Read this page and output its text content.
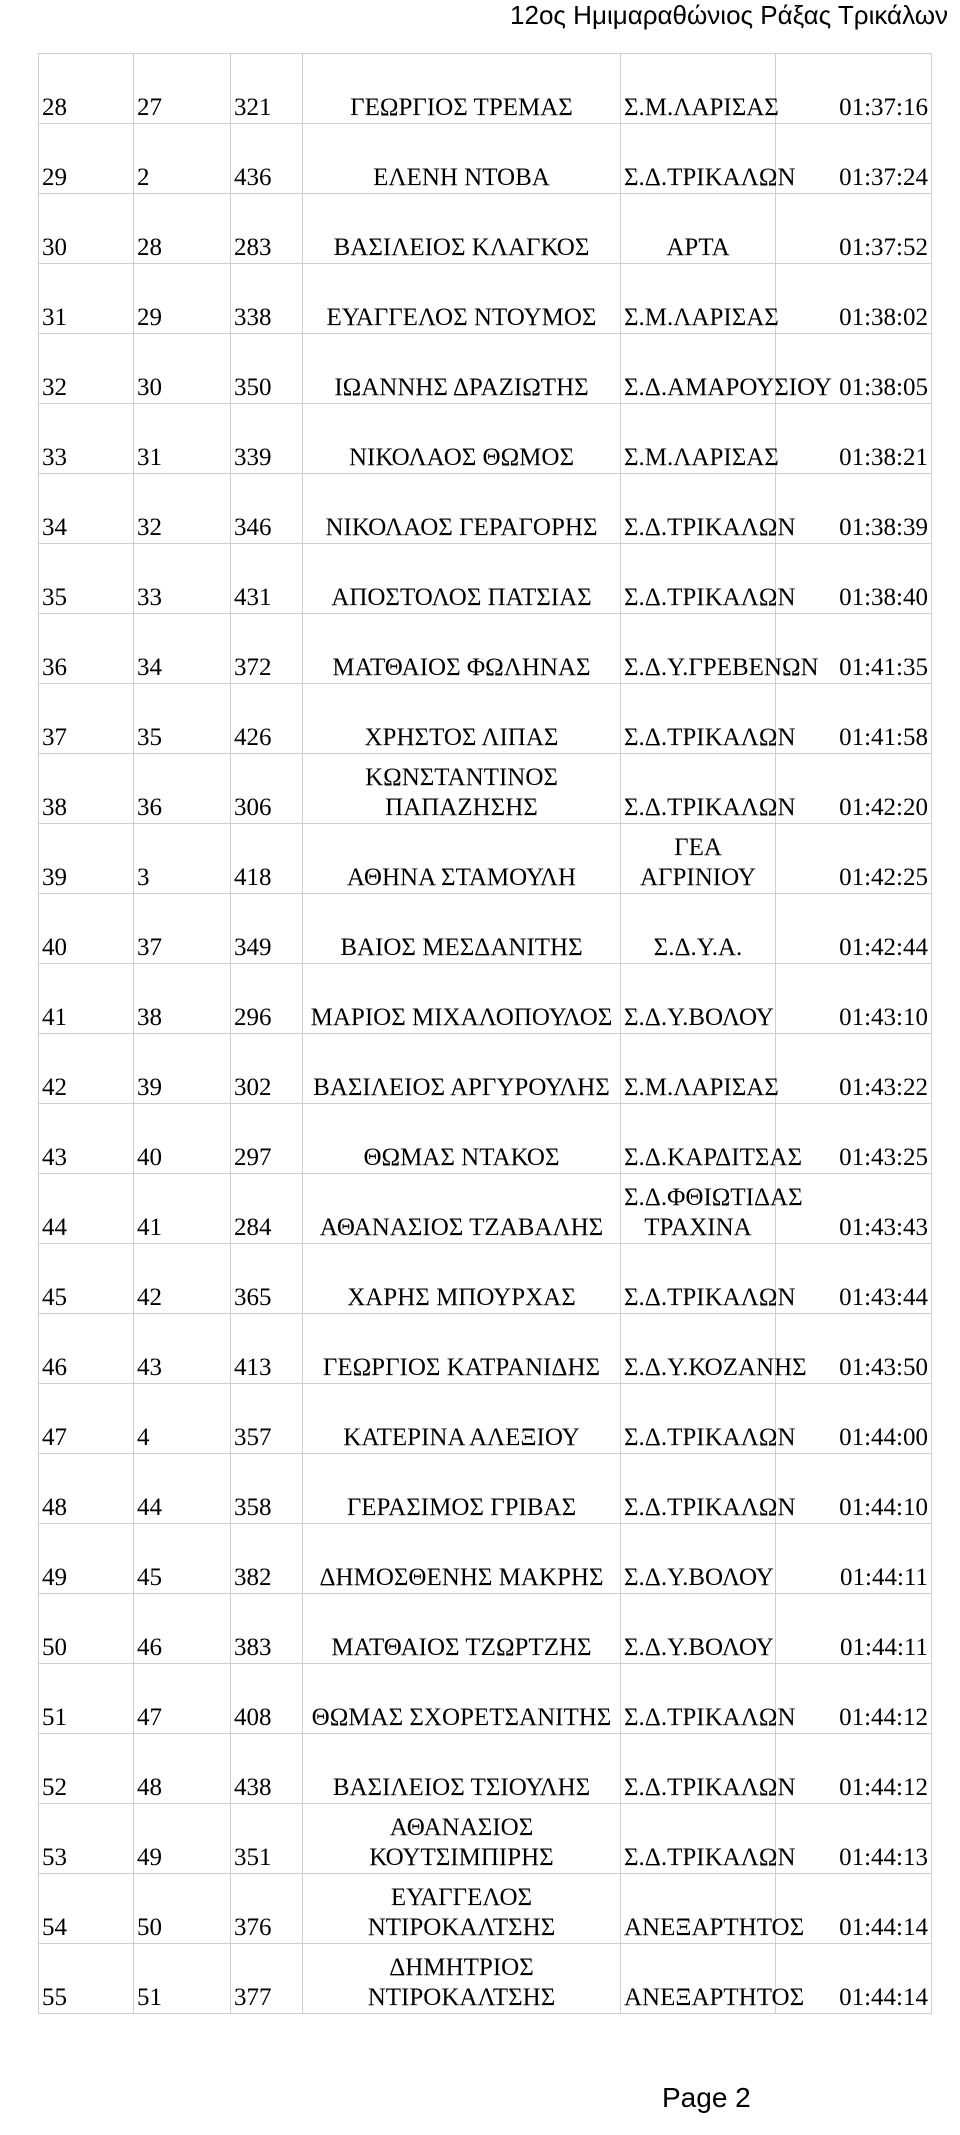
12ος Ημιμαραθώνιος Ράξας Τρικάλων
28	27	321	ΓΕΩΡΓΙΟΣ ΤΡΕΜΑΣ	Σ.Μ.ΛΑΡΙΣΑΣ	01:37:16
29	2	436	ΕΛΕΝΗ ΝΤΟΒΑ	Σ.Δ.ΤΡΙΚΑΛΩΝ	01:37:24
30	28	283	ΒΑΣΙΛΕΙΟΣ ΚΛΑΓΚΟΣ	ΑΡΤΑ	01:37:52
31	29	338	ΕΥΑΓΓΕΛΟΣ ΝΤΟΥΜΟΣ	Σ.Μ.ΛΑΡΙΣΑΣ	01:38:02
32	30	350	ΙΩΑΝΝΗΣ ΔΡΑΖΙΩΤΗΣ	Σ.Δ.ΑΜΑΡΟΥΣΙΟΥ	01:38:05
33	31	339	ΝΙΚΟΛΑΟΣ ΘΩΜΟΣ	Σ.Μ.ΛΑΡΙΣΑΣ	01:38:21
34	32	346	ΝΙΚΟΛΑΟΣ ΓΕΡΑΓΟΡΗΣ	Σ.Δ.ΤΡΙΚΑΛΩΝ	01:38:39
35	33	431	ΑΠΟΣΤΟΛΟΣ ΠΑΤΣΙΑΣ	Σ.Δ.ΤΡΙΚΑΛΩΝ	01:38:40
36	34	372	ΜΑΤΘΑΙΟΣ ΦΩΛΗΝΑΣ	Σ.Δ.Υ.ΓΡΕΒΕΝΩΝ	01:41:35
37	35	426	ΧΡΗΣΤΟΣ ΛΙΠΑΣ	Σ.Δ.ΤΡΙΚΑΛΩΝ	01:41:58
38	36	306	ΚΩΝΣΤΑΝΤΙΝΟΣ ΠΑΠΑΖΗΣΗΣ	Σ.Δ.ΤΡΙΚΑΛΩΝ	01:42:20
39	3	418	ΑΘΗΝΑ ΣΤΑΜΟΥΛΗ	ΓΕΑ ΑΓΡΙΝΙΟΥ	01:42:25
40	37	349	ΒΑΙΟΣ ΜΕΣΔΑΝΙΤΗΣ	Σ.Δ.Υ.Α.	01:42:44
41	38	296	ΜΑΡΙΟΣ ΜΙΧΑΛΟΠΟΥΛΟΣ	Σ.Δ.Υ.ΒΟΛΟΥ	01:43:10
42	39	302	ΒΑΣΙΛΕΙΟΣ ΑΡΓΥΡΟΥΛΗΣ	Σ.Μ.ΛΑΡΙΣΑΣ	01:43:22
43	40	297	ΘΩΜΑΣ ΝΤΑΚΟΣ	Σ.Δ.ΚΑΡΔΙΤΣΑΣ	01:43:25
44	41	284	ΑΘΑΝΑΣΙΟΣ ΤΖΑΒΑΛΗΣ	Σ.Δ.ΦΘΙΩΤΙΔΑΣ ΤΡΑΧΙΝΑ	01:43:43
45	42	365	ΧΑΡΗΣ ΜΠΟΥΡΧΑΣ	Σ.Δ.ΤΡΙΚΑΛΩΝ	01:43:44
46	43	413	ΓΕΩΡΓΙΟΣ ΚΑΤΡΑΝΙΔΗΣ	Σ.Δ.Υ.ΚΟΖΑΝΗΣ	01:43:50
47	4	357	ΚΑΤΕΡΙΝΑ ΑΛΕΞΙΟΥ	Σ.Δ.ΤΡΙΚΑΛΩΝ	01:44:00
48	44	358	ΓΕΡΑΣΙΜΟΣ ΓΡΙΒΑΣ	Σ.Δ.ΤΡΙΚΑΛΩΝ	01:44:10
49	45	382	ΔΗΜΟΣΘΕΝΗΣ ΜΑΚΡΗΣ	Σ.Δ.Υ.ΒΟΛΟΥ	01:44:11
50	46	383	ΜΑΤΘΑΙΟΣ ΤΖΩΡΤΖΗΣ	Σ.Δ.Υ.ΒΟΛΟΥ	01:44:11
51	47	408	ΘΩΜΑΣ ΣΧΟΡΕΤΣΑΝΙΤΗΣ	Σ.Δ.ΤΡΙΚΑΛΩΝ	01:44:12
52	48	438	ΒΑΣΙΛΕΙΟΣ ΤΣΙΟΥΛΗΣ	Σ.Δ.ΤΡΙΚΑΛΩΝ	01:44:12
53	49	351	ΑΘΑΝΑΣΙΟΣ ΚΟΥΤΣΙΜΠΙΡΗΣ	Σ.Δ.ΤΡΙΚΑΛΩΝ	01:44:13
54	50	376	ΕΥΑΓΓΕΛΟΣ ΝΤΙΡΟΚΑΛΤΣΗΣ	ΑΝΕΞΑΡΤΗΤΟΣ	01:44:14
55	51	377	ΔΗΜΗΤΡΙΟΣ ΝΤΙΡΟΚΑΛΤΣΗΣ	ΑΝΕΞΑΡΤΗΤΟΣ	01:44:14
Page 2
